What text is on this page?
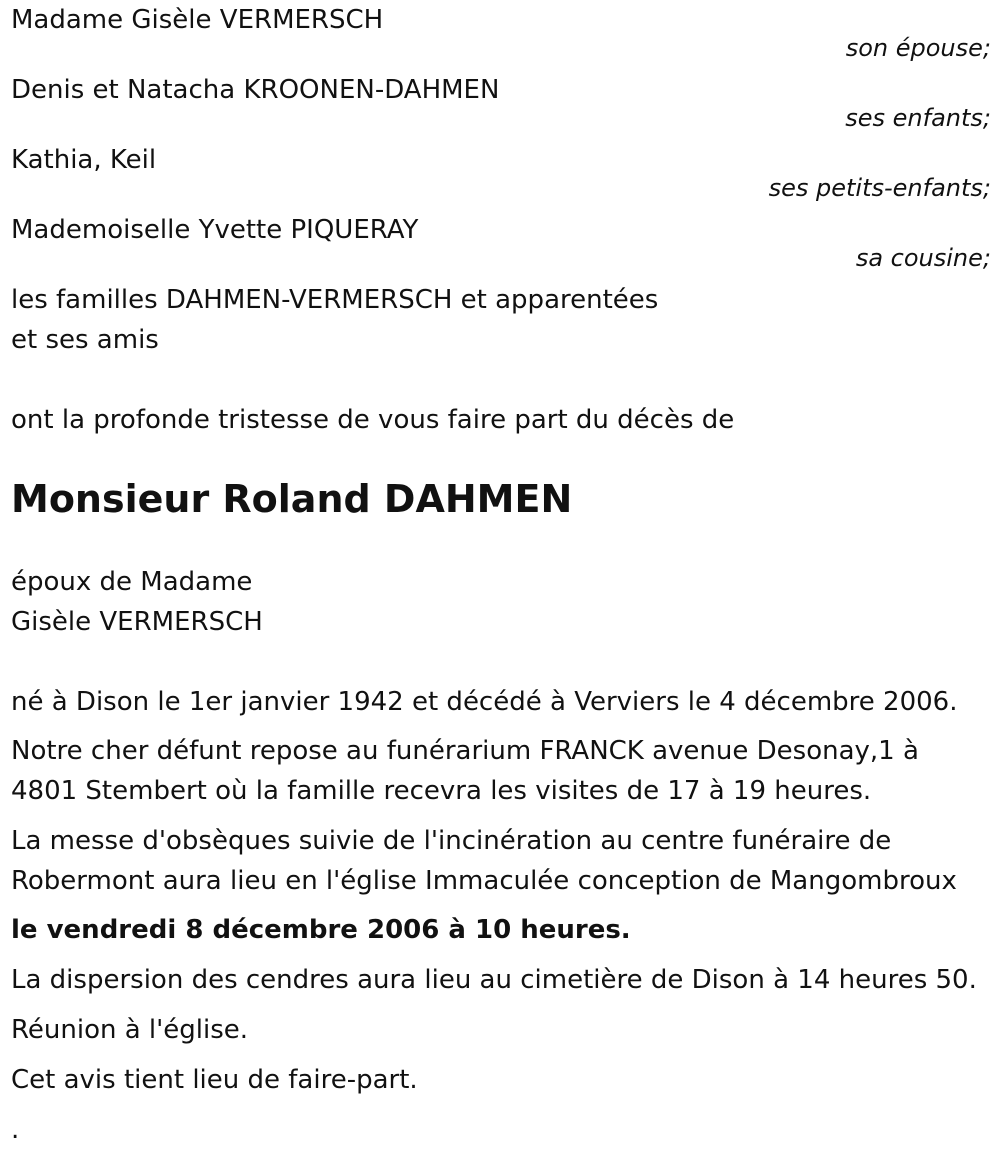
Madame Gisèle VERMERSCH
son épouse;
Denis et Natacha KROONEN-DAHMEN
ses enfants;
Kathia, Keil
ses petits-enfants;
Mademoiselle Yvette PIQUERAY
sa cousine;
les familles DAHMEN-VERMERSCH et apparentées
et ses amis
ont la profonde tristesse de vous faire part du décès de
Monsieur Roland DAHMEN
époux de Madame
Gisèle VERMERSCH
né à Dison le 1er janvier 1942 et décédé à Verviers le 4 décembre 2006.
Notre cher défunt repose au funérarium FRANCK avenue Desonay,1 à
4801 Stembert où la famille recevra les visites de 17 à 19 heures.
La messe d'obsèques suivie de l'incinération au centre funéraire de
Robermont aura lieu en l'église Immaculée conception de Mangombroux
le vendredi 8 décembre 2006 à 10 heures.
La dispersion des cendres aura lieu au cimetière de Dison à 14 heures 50.
Réunion à l'église.
Cet avis tient lieu de faire-part.
.
